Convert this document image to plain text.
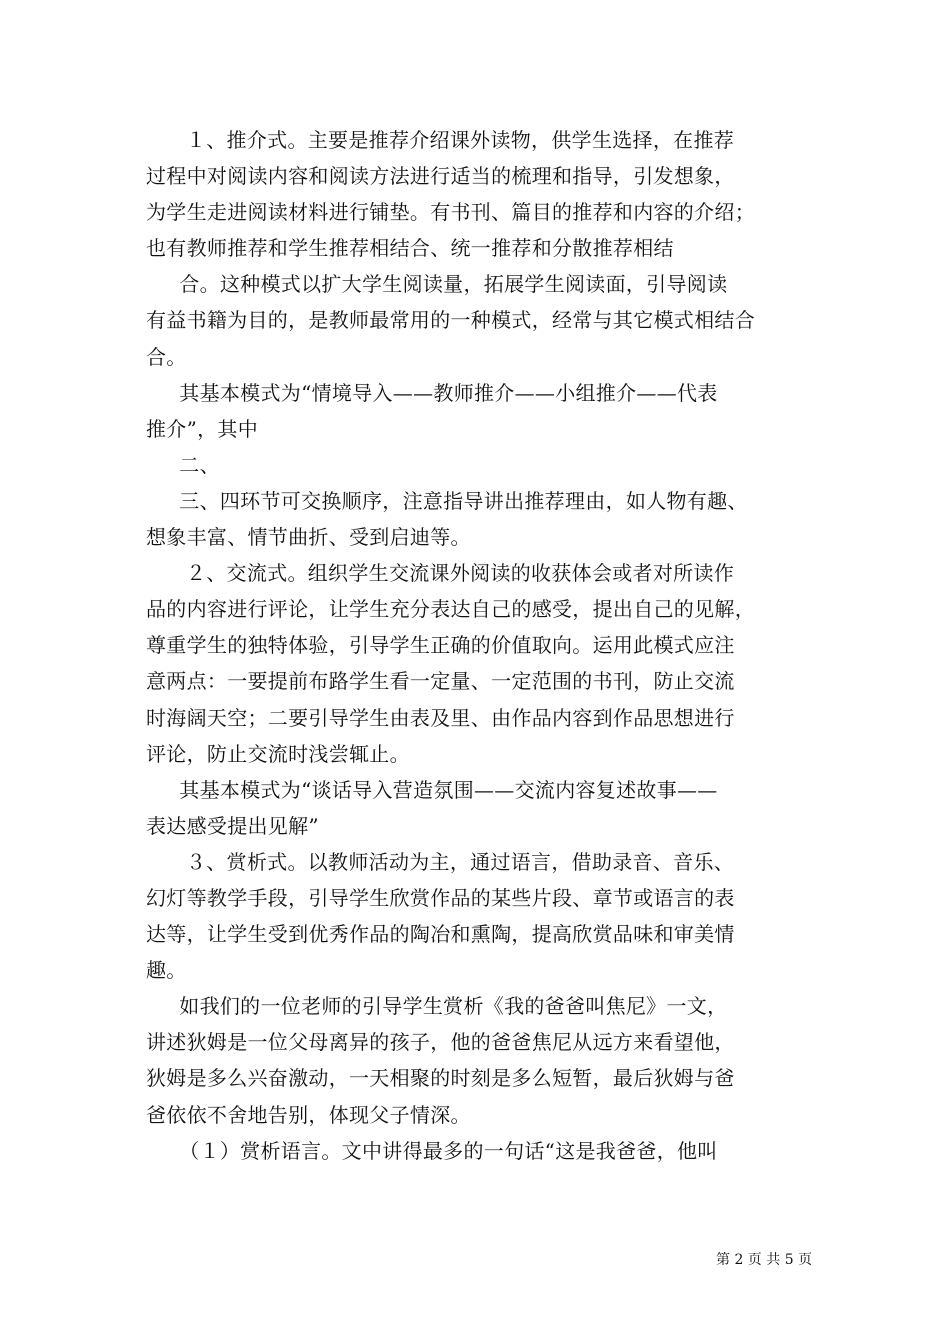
１、推介式。主要是推荐介绍课外读物，供学生选择，在推荐
过程中对阅读内容和阅读方法进行适当的梳理和指导，引发想象，
为学生走进阅读材料进行铺垫。有书刊、篇目的推荐和内容的介绍；
也有教师推荐和学生推荐相结合、统一推荐和分散推荐相结
合。这种模式以扩大学生阅读量，拓展学生阅读面，引导阅读
有益书籍为目的，是教师最常用的一种模式，经常与其它模式相结合
合。
其基本模式为“情境导入——教师推介——小组推介——代表
推介”，其中
二、
三、四环节可交换顺序，注意指导讲出推荐理由，如人物有趣、
想象丰富、情节曲折、受到启迪等。
２、交流式。组织学生交流课外阅读的收获体会或者对所读作
品的内容进行评论，让学生充分表达自己的感受，提出自己的见解，
尊重学生的独特体验，引导学生正确的价值取向。运用此模式应注
意两点：一要提前布路学生看一定量、一定范围的书刊，防止交流
时海阔天空；二要引导学生由表及里、由作品内容到作品思想进行
评论，防止交流时浅尝辄止。
其基本模式为“谈话导入营造氛围——交流内容复述故事——
表达感受提出见解”
３、赏析式。以教师活动为主，通过语言，借助录音、音乐、
幻灯等教学手段，引导学生欣赏作品的某些片段、章节或语言的表
达等，让学生受到优秀作品的陶冶和熏陶，提高欣赏品味和审美情
趣。
如我们的一位老师的引导学生赏析《我的爸爸叫焦尼》一文，
讲述狄姆是一位父母离异的孩子，他的爸爸焦尼从远方来看望他，
狄姆是多么兴奋激动，一天相聚的时刻是多么短暂，最后狄姆与爸
爸依依不舍地告别，体现父子情深。
（１）赏析语言。文中讲得最多的一句话“这是我爸爸，他叫
第 2 页 共 5 页
